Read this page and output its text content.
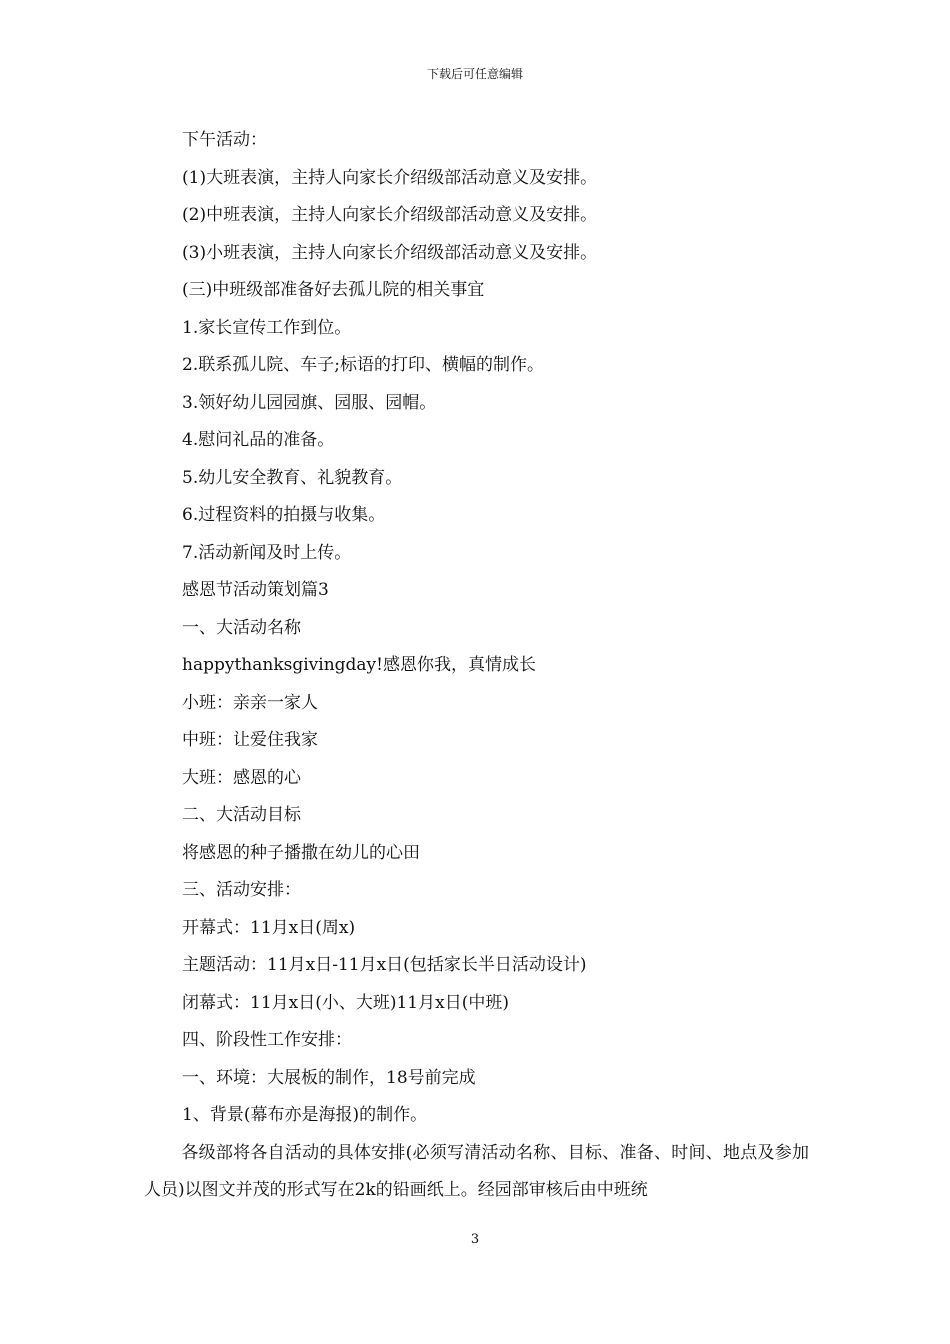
下载后可任意编辑
下午活动：
(1)大班表演，主持人向家长介绍级部活动意义及安排。
(2)中班表演，主持人向家长介绍级部活动意义及安排。
(3)小班表演，主持人向家长介绍级部活动意义及安排。
(三)中班级部准备好去孤儿院的相关事宜
1.家长宣传工作到位。
2.联系孤儿院、车子;标语的打印、横幅的制作。
3.领好幼儿园园旗、园服、园帽。
4.慰问礼品的准备。
5.幼儿安全教育、礼貌教育。
6.过程资料的拍摄与收集。
7.活动新闻及时上传。
感恩节活动策划篇3
一、大活动名称
happythanksgivingday!感恩你我，真情成长
小班：亲亲一家人
中班：让爱住我家
大班：感恩的心
二、大活动目标
将感恩的种子播撒在幼儿的心田
三、活动安排：
开幕式：11月x日(周x)
主题活动：11月x日-11月x日(包括家长半日活动设计)
闭幕式：11月x日(小、大班)11月x日(中班)
四、阶段性工作安排：
一、环境：大展板的制作，18号前完成
1、背景(幕布亦是海报)的制作。
各级部将各自活动的具体安排(必须写清活动名称、目标、准备、时间、地点及参加人员)以图文并茂的形式写在2k的铅画纸上。经园部审核后由中班统
3
